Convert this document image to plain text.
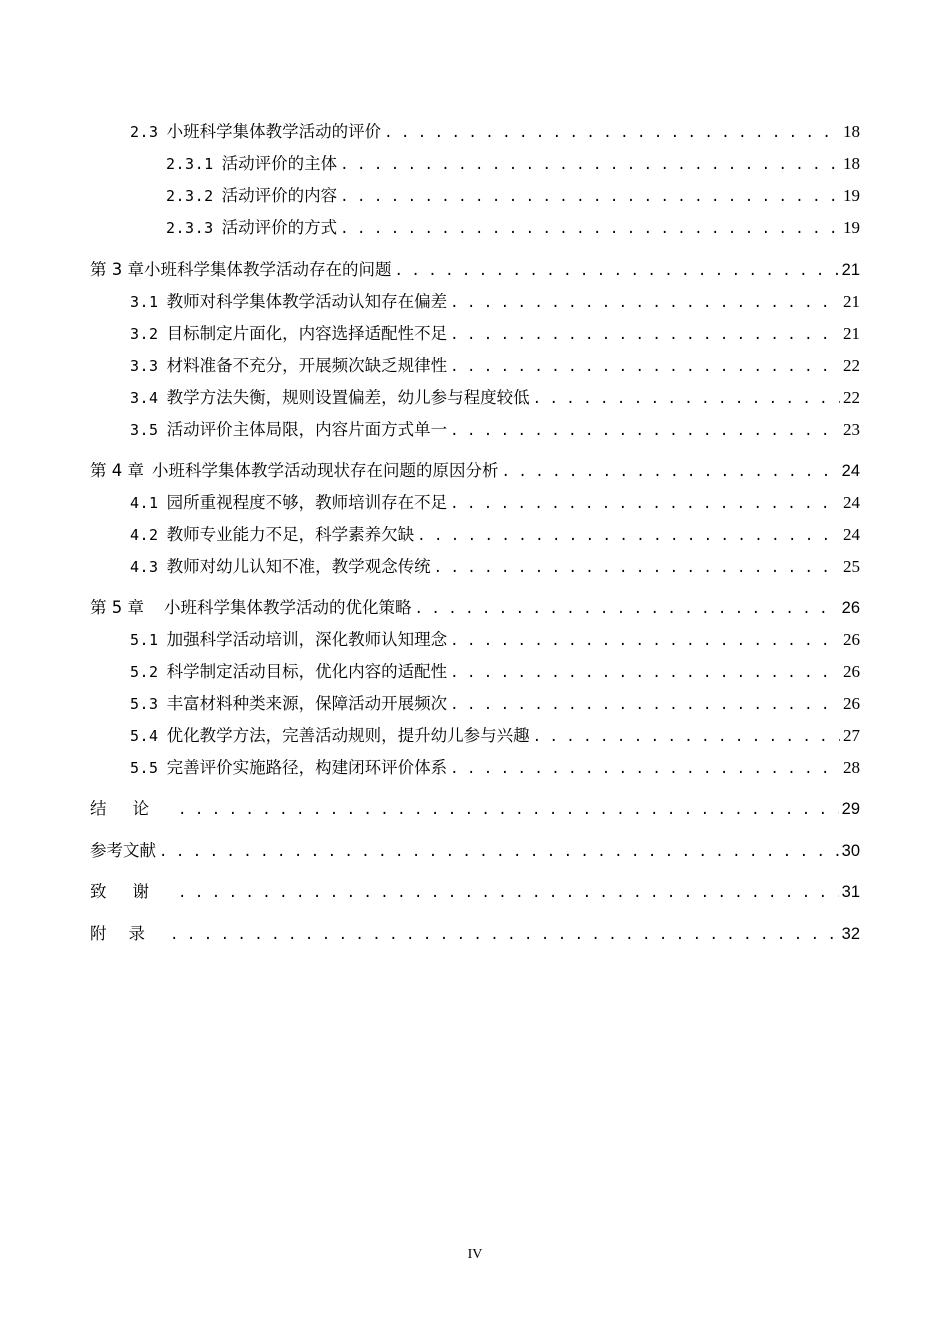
2.3 小班科学集体教学活动的评价 . . .	18
2.3.1 活动评价的主体 . . .	18
2.3.2 活动评价的内容 . . .	19
2.3.3 活动评价的方式 . . .	19
第 3 章 小班科学集体教学活动存在的问题 . . .	21
3.1 教师对科学集体教学活动认知存在偏差 . . .	21
3.2 目标制定片面化，内容选择适配性不足 . . .	21
3.3 材料准备不充分，开展频次缺乏规律性 . . .	22
3.4 教学方法失衡，规则设置偏差，幼儿参与程度较低 . . .	22
3.5 活动评价主体局限，内容片面方式单一 . . .	23
第 4 章 小班科学集体教学活动现状存在问题的原因分析 . . .	24
4.1 园所重视程度不够，教师培训存在不足 . . .	24
4.2 教师专业能力不足，科学素养欠缺 . . .	24
4.3 教师对幼儿认知不准，教学观念传统 . . .	25
第 5 章	小班科学集体教学活动的优化策略 . . .	26
5.1 加强科学活动培训，深化教师认知理念 . . .	26
5.2 科学制定活动目标，优化内容的适配性 . . .	26
5.3 丰富材料种类来源，保障活动开展频次 . . .	26
5.4 优化教学方法，完善活动规则，提升幼儿参与兴趣 . . .	27
5.5 完善评价实施路径，构建闭环评价体系 . . .	28
结论 . . .	29
参考文献 . . .	30
致谢 . . .	31
附录 . . .	32
IV
